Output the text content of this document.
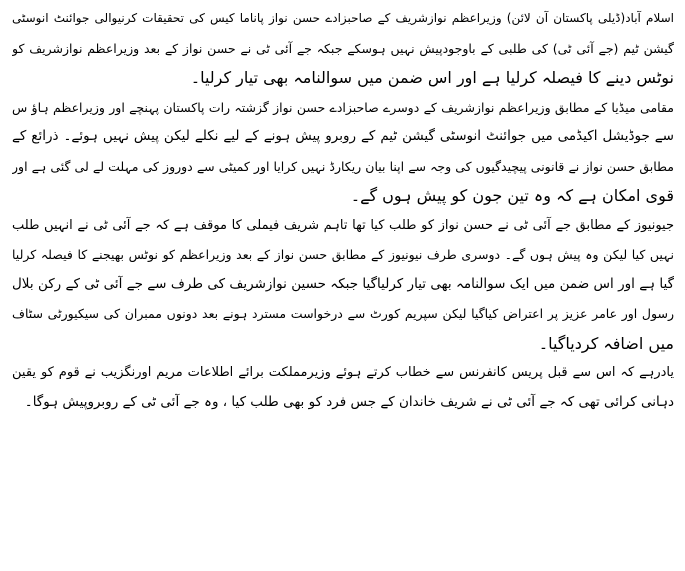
اسلام آباد(ڈیلی پاکستان آن لائن) وزیراعظم نوازشریف کے صاحبزادے حسن نواز پاناما کیس کی تحقیقات کرنیوالی جوائنٹ انوسٹی
گیشن ٹیم (جے آئی ٹی) کی طلبی کے باوجودپیش نہیں ہوسکے جبکہ جے آئی ٹی نے حسن نواز کے بعد وزیراعظم نوازشریف کو
نوٹس دینے کا فیصلہ کرلیا ہے اور اس ضمن میں سوالنامہ بھی تیار کرلیا۔
مقامی میڈیا کے مطابق وزیراعظم نوازشریف کے دوسرے صاحبزادے حسن نواز گزشتہ رات پاکستان پہنچے اور وزیراعظم ہاؤ س
سے جوڈیشل اکیڈمی میں جوائنٹ انوسٹی گیشن ٹیم کے روبرو پیش ہونے کے لیے نکلے لیکن پیش نہیں ہوئے۔ ذرائع کے
مطابق حسن نواز نے قانونی پیچیدگیوں کی وجہ سے اپنا بیان ریکارڈ نہیں کرایا اور کمیٹی سے دوروز کی مہلت لے لی گئی ہے اور
قوی امکان ہے کہ وہ تین جون کو پیش ہوں گے۔
جیونیوز کے مطابق جے آئی ٹی نے حسن نواز کو طلب کیا تھا تاہم شریف فیملی کا موقف ہے کہ جے آئی ٹی نے انہیں طلب
نہیں کیا لیکن وہ پیش ہوں گے۔ دوسری طرف نیونیوز کے مطابق حسن نواز کے بعد وزیراعظم کو نوٹس بھیجنے کا فیصلہ کرلیا
گیا ہے اور اس ضمن میں ایک سوالنامہ بھی تیار کرلیاگیا جبکہ حسین نوازشریف کی طرف سے جے آئی ٹی کے رکن بلال
رسول اور عامر عزیز پر اعتراض کیاگیا لیکن سپریم کورٹ سے درخواست مسترد ہونے بعد دونوں ممبران کی سیکیورٹی سٹاف
میں اضافہ کردیاگیا۔
یادرہے کہ اس سے قبل پریس کانفرنس سے خطاب کرتے ہوئے وزیرمملکت برائے اطلاعات مریم اورنگزیب نے قوم کو یقین
دہانی کرائی تھی کہ جے آئی ٹی نے شریف خاندان کے جس فرد کو بھی طلب کیا ، وہ جے آئی ٹی کے روبروپیش ہوگا۔
